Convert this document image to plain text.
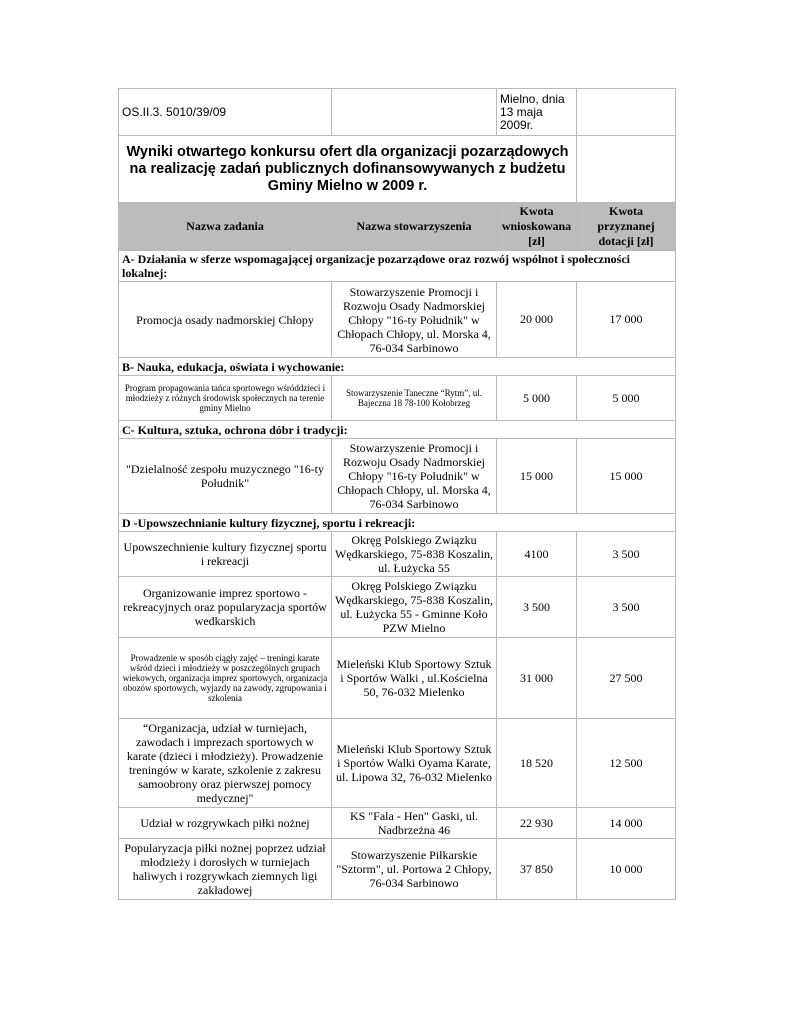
OS.II.3. 5010/39/09		Mielno, dnia
13 maja
2009r.	

Wyniki otwartego konkursu ofert dla organizacji pozarządowych na realizację zadań publicznych dofinansowywanych z budżetu Gminy Mielno w 2009 r.			
Nazwa zadania	Nazwa stowarzyszenia	Kwota wnioskowana [zł]	Kwota przyznanej dotacji [zł]
A- Działania w sferze wspomagającej organizacje pozarządowe oraz rozwój wspólnot i społeczności lokalnej:			
Promocja osady nadmorskiej Chłopy	Stowarzyszenie Promocji i Rozwoju Osady Nadmorskiej Chłopy "16-ty Południk" w Chłopach Chłopy, ul. Morska 4, 76-034 Sarbinowo	20 000	17 000
B- Nauka, edukacja, oświata i wychowanie:			
Program propagowania tańca sportowego wśróddzieci i młodzieży z różnych środowisk społecznych na terenie gminy Mielno	Stowarzyszenie Taneczne “Rytm”, ul. Bajeczna 18 78-100 Kołobrzeg	5 000	5 000
C- Kultura, sztuka, ochrona dóbr i tradycji:			
"Dzielalność zespołu muzycznego "16-ty Południk"	Stowarzyszenie Promocji i Rozwoju Osady Nadmorskiej Chłopy "16-ty Południk" w Chłopach Chłopy, ul. Morska 4, 76-034 Sarbinowo	15 000	15 000
D -Upowszechnianie kultury fizycznej, sportu i rekreacji:			
Upowszechnienie kultury fizycznej sportu i rekreacji	Okręg Polskiego Związku Wędkarskiego, 75-838 Koszalin, ul. Łużycka 55	4100	3 500
Organizowanie imprez sportowo - rekreacyjnych oraz popularyzacja sportów wedkarskich	Okręg Polskiego Związku Wędkarskiego, 75-838 Koszalin, ul. Łużycka 55 - Gminne Koło PZW Mielno	3 500	3 500
Prowadzenie w sposób ciągły zajęć – treningi karate wśród dzieci i młodzieży w poszczególnych grupach wiekowych, organizacja imprez sportowych, organizacja obozów sportowych, wyjazdy na zawody, zgrupowania i szkolenia	Mieleński Klub Sportowy Sztuk i Sportów Walki , ul.Kościelna 50, 76-032 Mielenko	31 000	27 500
“Organizacja, udział w turniejach, zawodach i imprezach sportowych w karate (dzieci i młodzieży). Prowadzenie treningów w karate, szkolenie z zakresu samoobrony oraz pierwszej pomocy medycznej"	Mieleński Klub Sportowy Sztuk i Sportów Walki Oyama Karate, ul. Lipowa 32, 76-032 Mielenko	18 520	12 500
Udział w rozgrywkach piłki nożnej	KS "Fala - Hen" Gaski, ul. Nadbrzeżna 46	22 930	14 000
Popularyzacja piłki nożnej poprzez udział młodzieży i dorosłych w turniejach haliwych i rozgrywkach ziemnych ligi zakładowej	Stowarzyszenie Piłkarskie "Sztorm", ul. Portowa 2 Chłopy, 76-034 Sarbinowo	37 850	10 000
